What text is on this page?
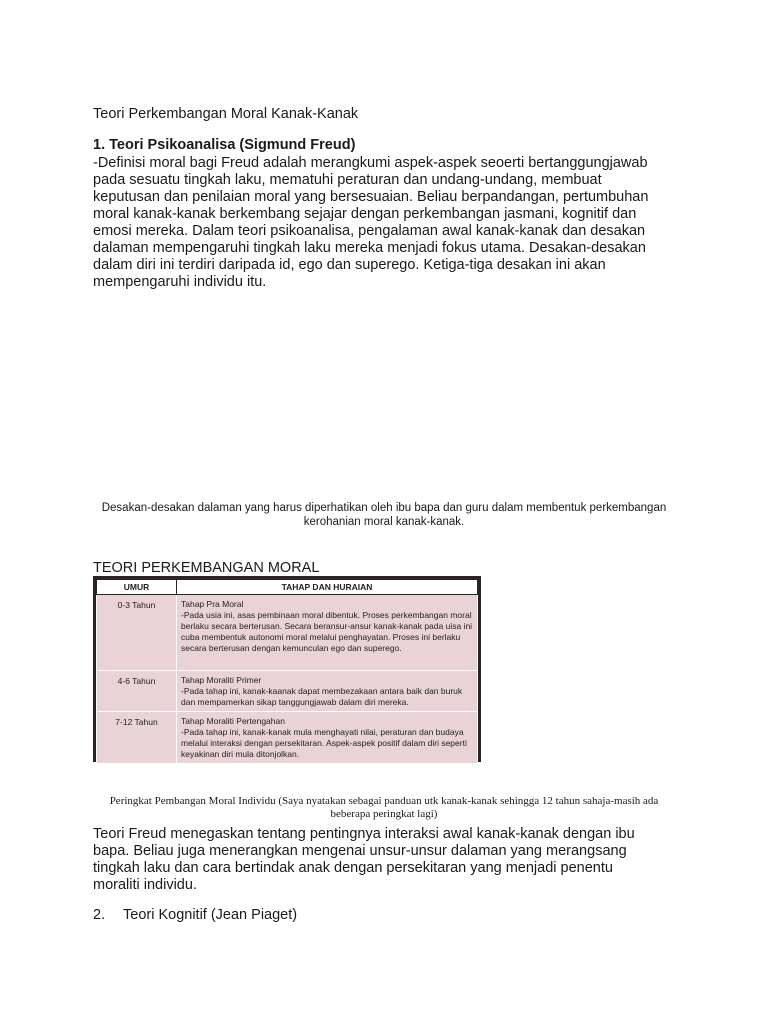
Teori Perkembangan Moral Kanak-Kanak
1. Teori Psikoanalisa (Sigmund Freud)
-Definisi moral bagi Freud adalah merangkumi aspek-aspek seoerti bertanggungjawab pada sesuatu tingkah laku, mematuhi peraturan dan undang-undang, membuat keputusan dan penilaian moral yang bersesuaian. Beliau berpandangan, pertumbuhan moral kanak-kanak berkembang sejajar dengan perkembangan jasmani, kognitif dan emosi mereka. Dalam teori psikoanalisa, pengalaman awal kanak-kanak dan desakan dalaman mempengaruhi tingkah laku mereka menjadi fokus utama. Desakan-desakan dalam diri ini terdiri daripada id, ego dan superego. Ketiga-tiga desakan ini akan mempengaruhi individu itu.
Desakan-desakan dalaman yang harus diperhatikan oleh ibu bapa dan guru dalam membentuk perkembangan kerohanian moral kanak-kanak.
TEORI PERKEMBANGAN MORAL
UMUR	TAHAP DAN HURAIAN
0-3 Tahun	Tahap Pra Moral
-Pada usia ini, asas pembinaan moral dibentuk. Proses perkembangan moral berlaku secara berterusan. Secara beransur-ansur kanak-kanak pada uisa ini cuba membentuk autonomi moral melalui penghayatan. Proses ini berlaku secara berterusan dengan kemunculan ego dan superego.

4-6 Tahun	Tahap Moraliti Primer
-Pada tahap ini, kanak-kaanak dapat membezakaan antara baik dan buruk dan mempamerkan sikap tanggungjawab dalam diri mereka.

7-12 Tahun	Tahap Moraliti Pertengahan
-Pada tahap ini, kanak-kanak mula menghayati nilai, peraturan dan budaya melalui interaksi dengan persekitaran. Aspek-aspek positif dalam diri seperti keyakinan diri mula ditonjolkan.
Peringkat Pembangan Moral Individu (Saya nyatakan sebagai panduan utk kanak-kanak sehingga 12 tahun sahaja-masih ada beberapa peringkat lagi)
Teori Freud menegaskan tentang pentingnya interaksi awal kanak-kanak dengan ibu bapa. Beliau juga menerangkan mengenai unsur-unsur dalaman yang merangsang tingkah laku dan cara bertindak anak dengan persekitaran yang menjadi penentu moraliti individu.
2. Teori Kognitif (Jean Piaget)
